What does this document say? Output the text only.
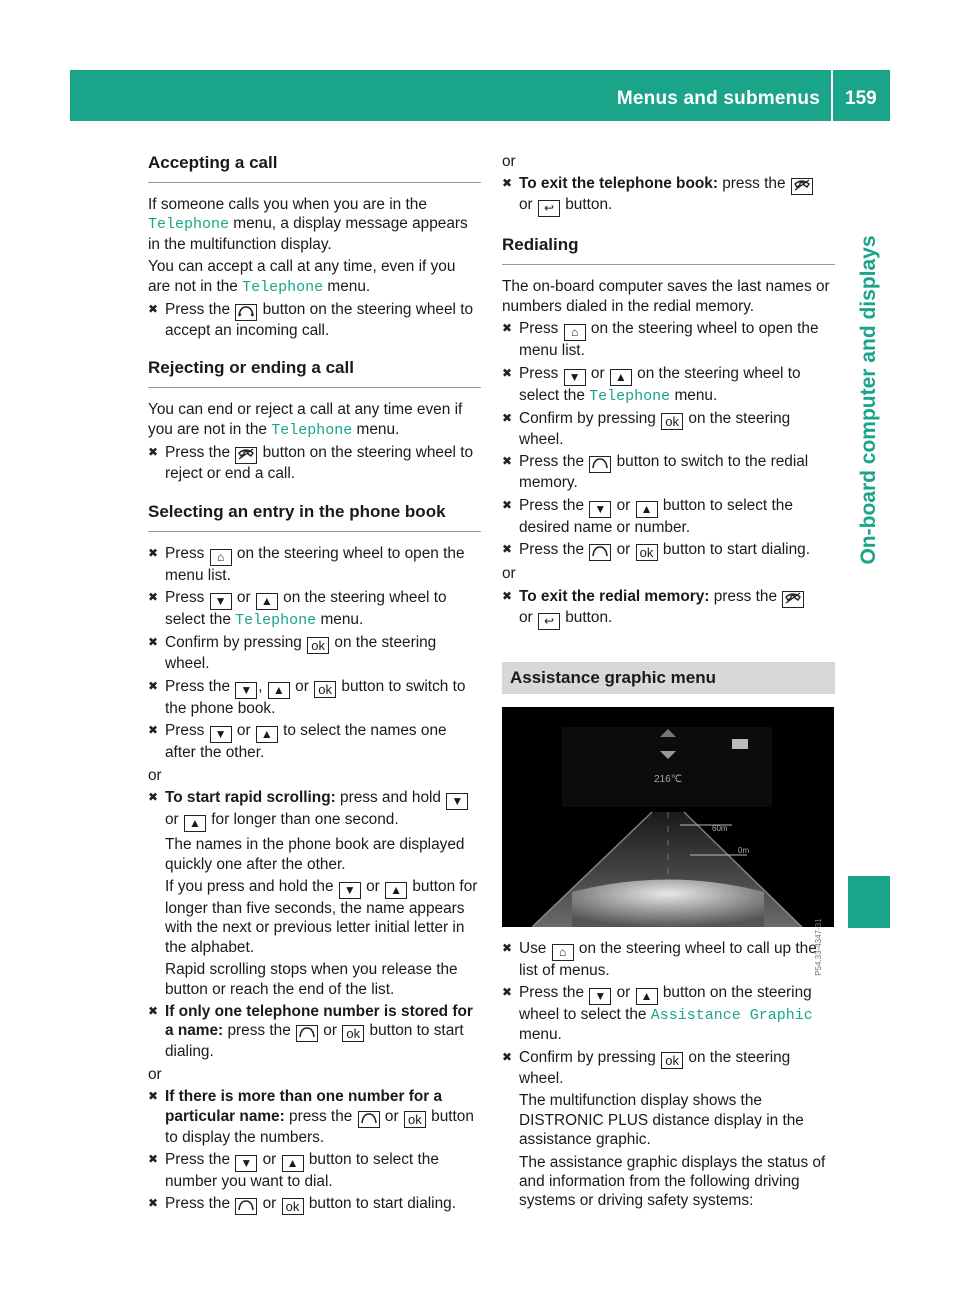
Menus and submenus 159
On-board computer and displays
Accepting a call

If someone calls you when you are in the Telephone menu, a display message appears in the multifunction display.

You can accept a call at any time, even if you are not in the Telephone menu.

✖ Press the  button on the steering wheel to accept an incoming call.
Rejecting or ending a call

You can end or reject a call at any time even if you are not in the Telephone menu.

✖ Press the  button on the steering wheel to reject or end a call.
Selecting an entry in the phone book
✖ Press ⌂ on the steering wheel to open the menu list.
✖ Press ▼ or ▲ on the steering wheel to select the Telephone menu.
✖ Confirm by pressing ok on the steering wheel.
✖ Press the ▼ , ▲ or ok button to switch to the phone book.
✖ Press ▼ or ▲ to select the names one after the other.

or

✖ To start rapid scrolling: press and hold ▼ or ▲ for longer than one second.

The names in the phone book are displayed quickly one after the other.

If you press and hold the ▼ or ▲ button for longer than five seconds, the name appears with the next or previous letter initial letter in the alphabet.

Rapid scrolling stops when you release the button or reach the end of the list.

✖ If only one telephone number is stored for a name: press the  or ok button to start dialing.

or

✖ If there is more than one number for a particular name: press the  or ok button to display the numbers.
✖ Press the ▼ or ▲ button to select the number you want to dial.
✖ Press the  or ok button to start dialing.

or

✖ To exit the telephone book: press the
or ↩ button.
Redialing

The on-board computer saves the last names or numbers dialed in the redial memory.

✖ Press ⌂ on the steering wheel to open the menu list.
✖ Press ▼ or ▲ on the steering wheel to select the Telephone menu.
✖ Confirm by pressing ok on the steering wheel.
✖ Press the  button to switch to the redial memory.
✖ Press the ▼ or ▲ button to select the desired name or number.
✖ Press the  or ok button to start dialing.

or

✖ To exit the redial memory: press the
or ↩ button.
Assistance graphic menu
216℃
60m
0m
P54.33-4347-31
✖ Use ⌂ on the steering wheel to call up the list of menus.
✖ Press the ▼ or ▲ button on the steering wheel to select the Assistance Graphic menu.
✖ Confirm by pressing ok on the steering wheel.

The multifunction display shows the DISTRONIC PLUS distance display in the assistance graphic.

The assistance graphic displays the status of and information from the following driving systems or driving safety systems:
